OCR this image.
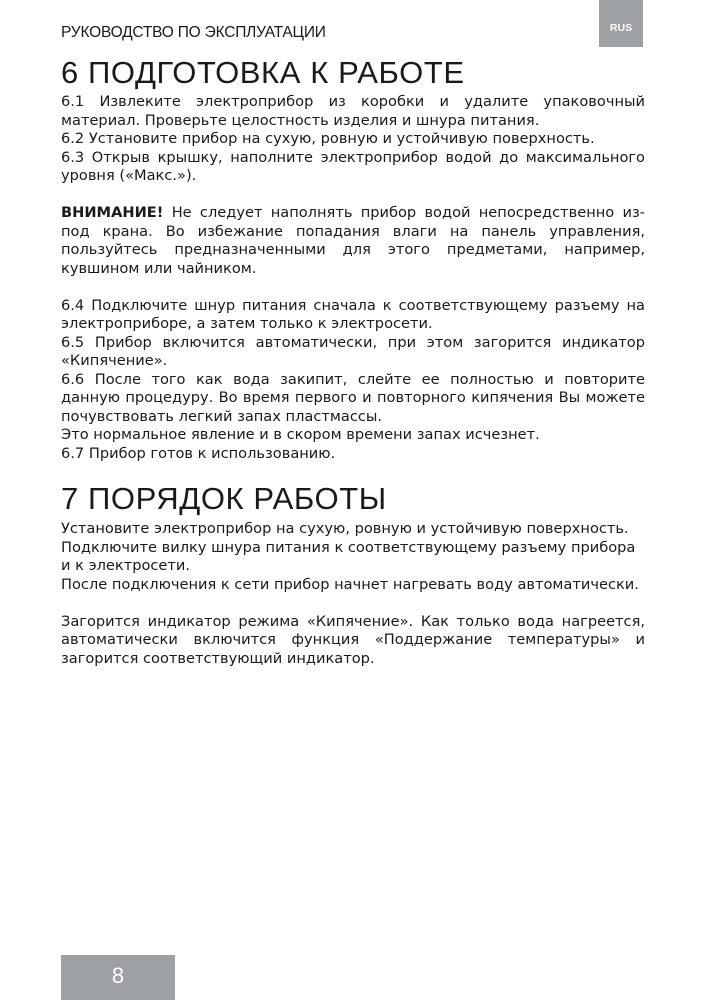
РУКОВОДСТВО ПО ЭКСПЛУАТАЦИИ	RUS
6 ПОДГОТОВКА К РАБОТЕ

6.1 Извлеките электроприбор из коробки и удалите упаковочный материал. Проверьте целостность изделия и шнура питания.

6.2 Установите прибор на сухую, ровную и устойчивую поверхность.

6.3 Открыв крышку, наполните электроприбор водой до максимального уровня («Макс.»).

ВНИМАНИЕ! Не следует наполнять прибор водой непосредственно из-под крана. Во избежание попадания влаги на панель управления, пользуйтесь предназначенными для этого предметами, например, кувшином или чайником.

6.4 Подключите шнур питания сначала к соответствующему разъему на электроприборе, а затем только к электросети.

6.5 Прибор включится автоматически, при этом загорится индикатор «Кипячение».

6.6 После того как вода закипит, слейте ее полностью и повторите данную процедуру. Во время первого и повторного кипячения Вы можете почувствовать легкий запах пластмассы.

Это нормальное явление и в скором времени запах исчезнет.

6.7 Прибор готов к использованию.

7 ПОРЯДОК РАБОТЫ

Установите электроприбор на сухую, ровную и устойчивую поверхность.

Подключите вилку шнура питания к соответствующему разъему прибора и к электросети.

После подключения к сети прибор начнет нагревать воду автоматически.

Загорится индикатор режима «Кипячение». Как только вода нагреется, автоматически включится функция «Поддержание температуры» и загорится соответствующий индикатор.

8
